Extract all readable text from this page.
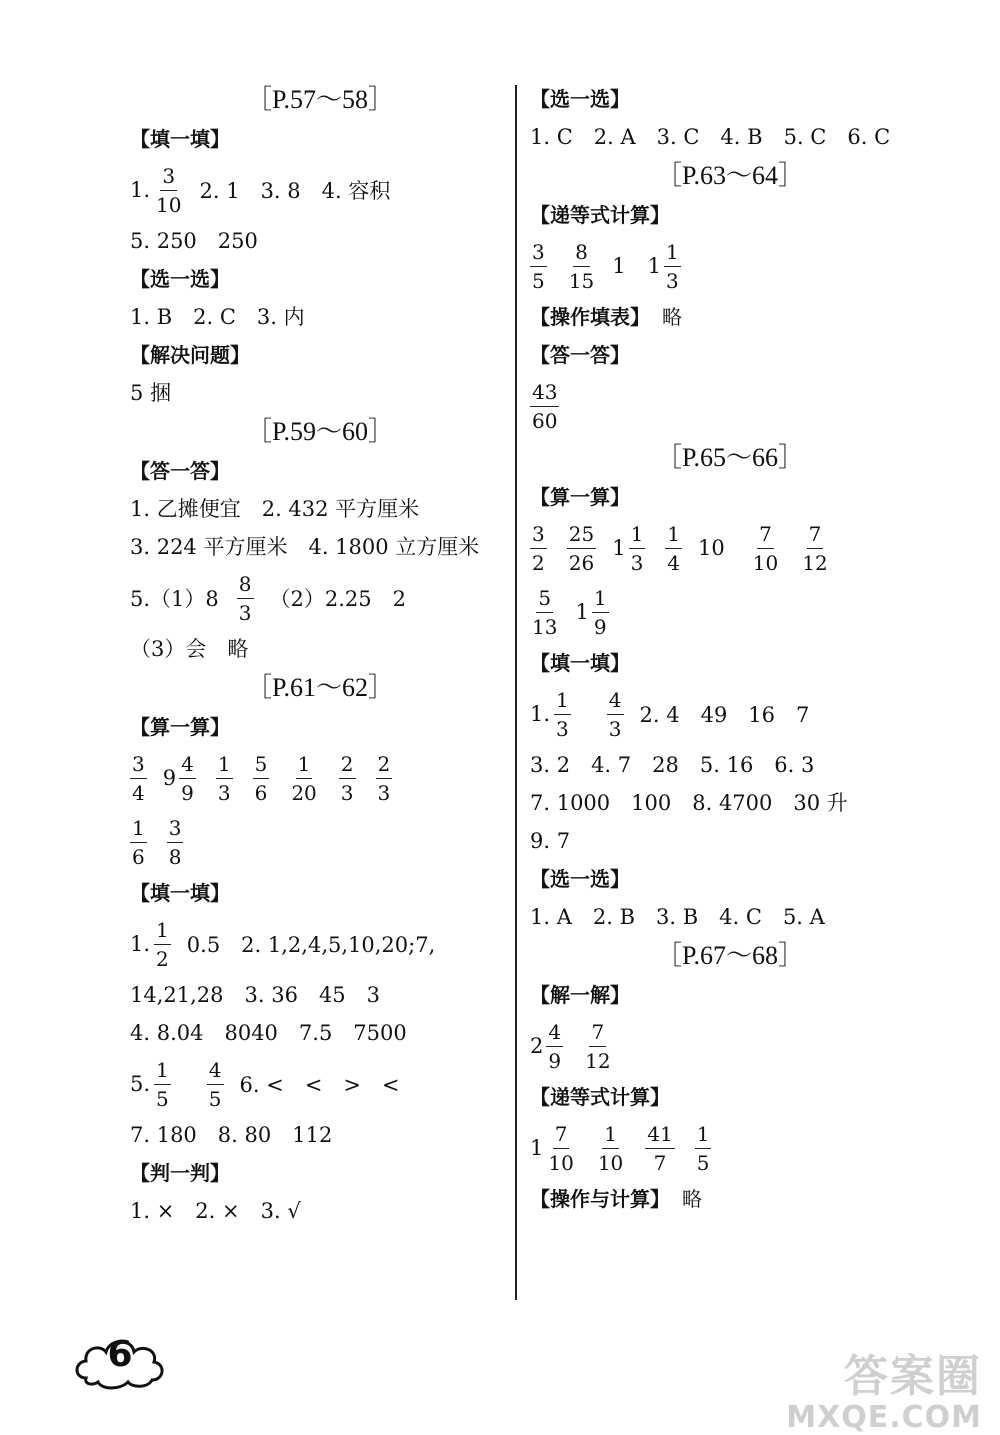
［P.57～58］
【填一填】
1. $\frac{3}{10} 2$. 1　3. 8　4. 容积
5. 250　250
【选一选】
1. B　2. C　3. 内
【解决问题】
5 捆
［P.59～60］
【答一答】
1. 乙摊便宜　2. 432 平方厘米
3. 224 平方厘米　4. 1800 立方厘米
$5.(1)8 \frac{8}{3} (2)2.25$　2
（3）会　略
［P.61～62］
【算一算】
$\frac{3}{4} 9 \frac{4}{9} \frac{1}{3} \frac{5}{6} \frac{1}{20} \frac{2}{3} \frac{2}{3}$
$\frac{1}{6} \frac{3}{8}$
【填一填】
1. $\frac{1}{2} 0.5$　2. 1,2,4,5,10,20;7,
14,21,28　3. 36　45　3
4. 8.04　8040　7.5　7500
5. $\frac{1}{5} \frac{4}{5} 6$. <　<　>　<
7. 180　8. 80　112
【判一判】
1. ×　2. ×　3. √
【选一选】
1. C　2. A　3. C　4. B　5. C　6. C
［P.63～64］
【递等式计算】
$\frac{3}{5} \frac{8}{15} 1$ $1 \frac{1}{3}$
【操作填表】 略
【答一答】
$\frac{43}{60}$
［P.65～66］
【算一算】
$\frac{3}{2} \frac{25}{26} 1 \frac{1}{3} \frac{1}{4} 10 \frac{7}{10} \frac{7}{12}$
$\frac{5}{13} 1 \frac{1}{9}$
【填一填】
1. $\frac{1}{3} \frac{4}{3} 2$. 4　49　16　7
3. 2　4. 7　28　5. 16　6. 3
7. 1000　100　8. 4700　30 升
9. 7
【选一选】
1. A　2. B　3. B　4. C　5. A
［P.67～68］
【解一解】
$2 \frac{4}{9} \frac{7}{12}$
【递等式计算】
$1 \frac{7}{10} \frac{1}{10} \frac{41}{7} \frac{1}{5}$
【操作与计算】 略
6	答案圈
MXQE.COM
